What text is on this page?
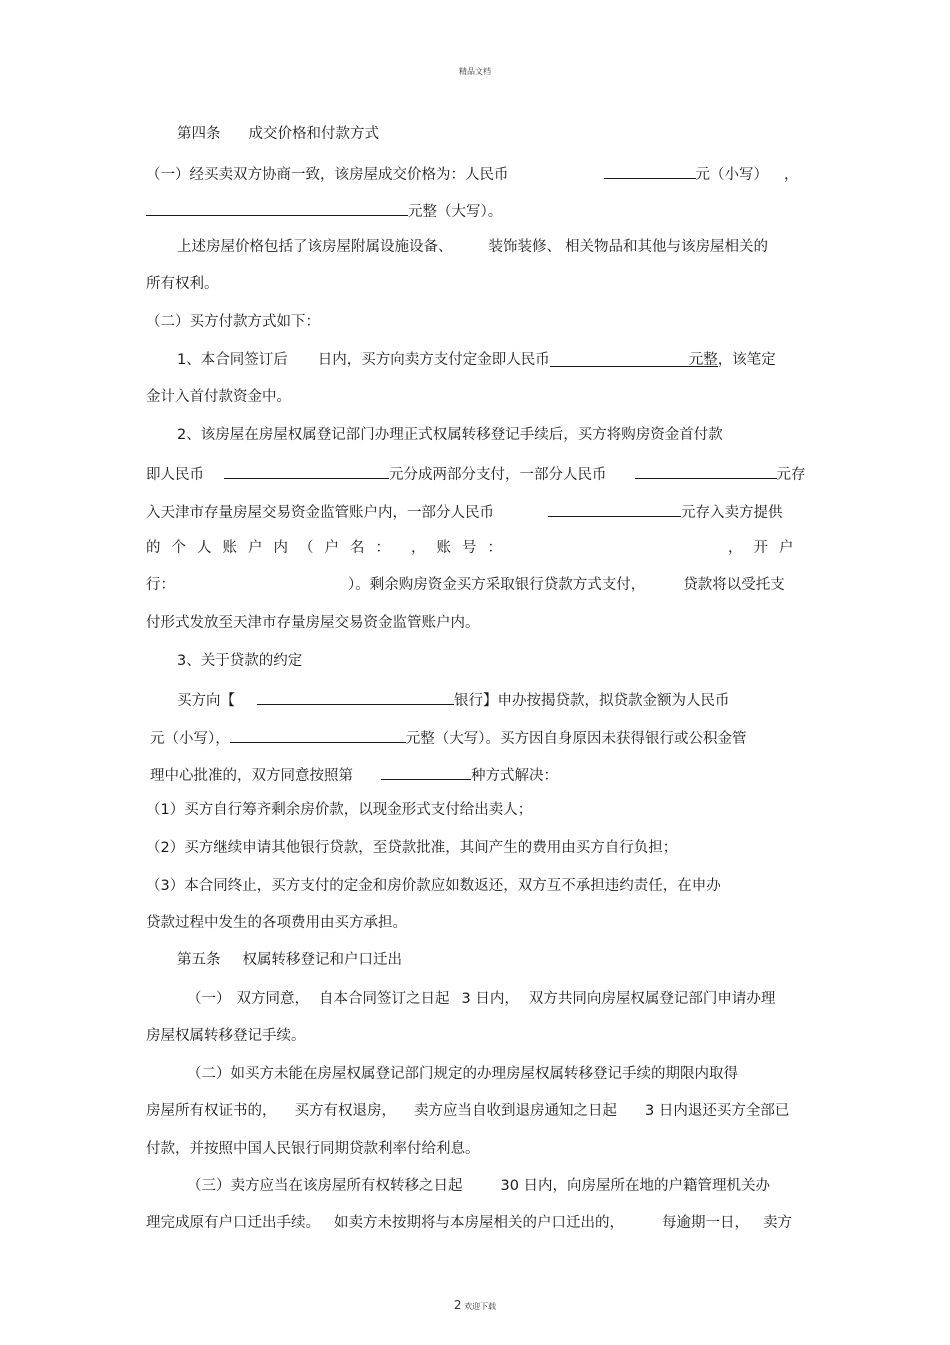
精品文档
第四条 成交价格和付款方式
（一）经买卖双方协商一致，该房屋成交价格为：人民币	元（小写） ，
元整（大写）。
上述房屋价格包括了该房屋附属设施设备、 装饰装修、 相关物品和其他与该房屋相关的
所有权利。
（二）买方付款方式如下：
1、本合同签订后 日内，买方向卖方支付定金即人民币	元整，该笔定
金计入首付款资金中。
2、该房屋在房屋权属登记部门办理正式权属转移登记手续后，买方将购房资金首付款
即人民币	元分成两部分支付，一部分人民币	元存
入天津市存量房屋交易资金监管账户内，一部分人民币	元存入卖方提供
的个人账户内（户名： ，账号：	，开户
行：	）。剩余购房资金买方采取银行贷款方式支付，	贷款将以受托支
付形式发放至天津市存量房屋交易资金监管账户内。
3、关于贷款的约定
买方向【	银行】申办按揭贷款，拟贷款金额为人民币
元（小写），	元整（大写）。买方因自身原因未获得银行或公积金管
理中心批准的，双方同意按照第	种方式解决：
（1）买方自行筹齐剩余房价款，以现金形式支付给出卖人；
（2）买方继续申请其他银行贷款，至贷款批准，其间产生的费用由买方自行负担；
（3）本合同终止，买方支付的定金和房价款应如数返还，双方互不承担违约责任，在申办
贷款过程中发生的各项费用由买方承担。
第五条 权属转移登记和户口迁出
（一） 双方同意， 自本合同签订之日起 3 日内， 双方共同向房屋权属登记部门申请办理
房屋权属转移登记手续。
（二）如买方未能在房屋权属登记部门规定的办理房屋权属转移登记手续的期限内取得
房屋所有权证书的， 买方有权退房， 卖方应当自收到退房通知之日起 3 日内退还买方全部已
付款，并按照中国人民银行同期贷款利率付给利息。
（三）卖方应当在该房屋所有权转移之日起	30 日内，向房屋所在地的户籍管理机关办
理完成原有户口迁出手续。 如卖方未按期将与本房屋相关的户口迁出的，	每逾期一日， 卖方
2 欢迎下载
